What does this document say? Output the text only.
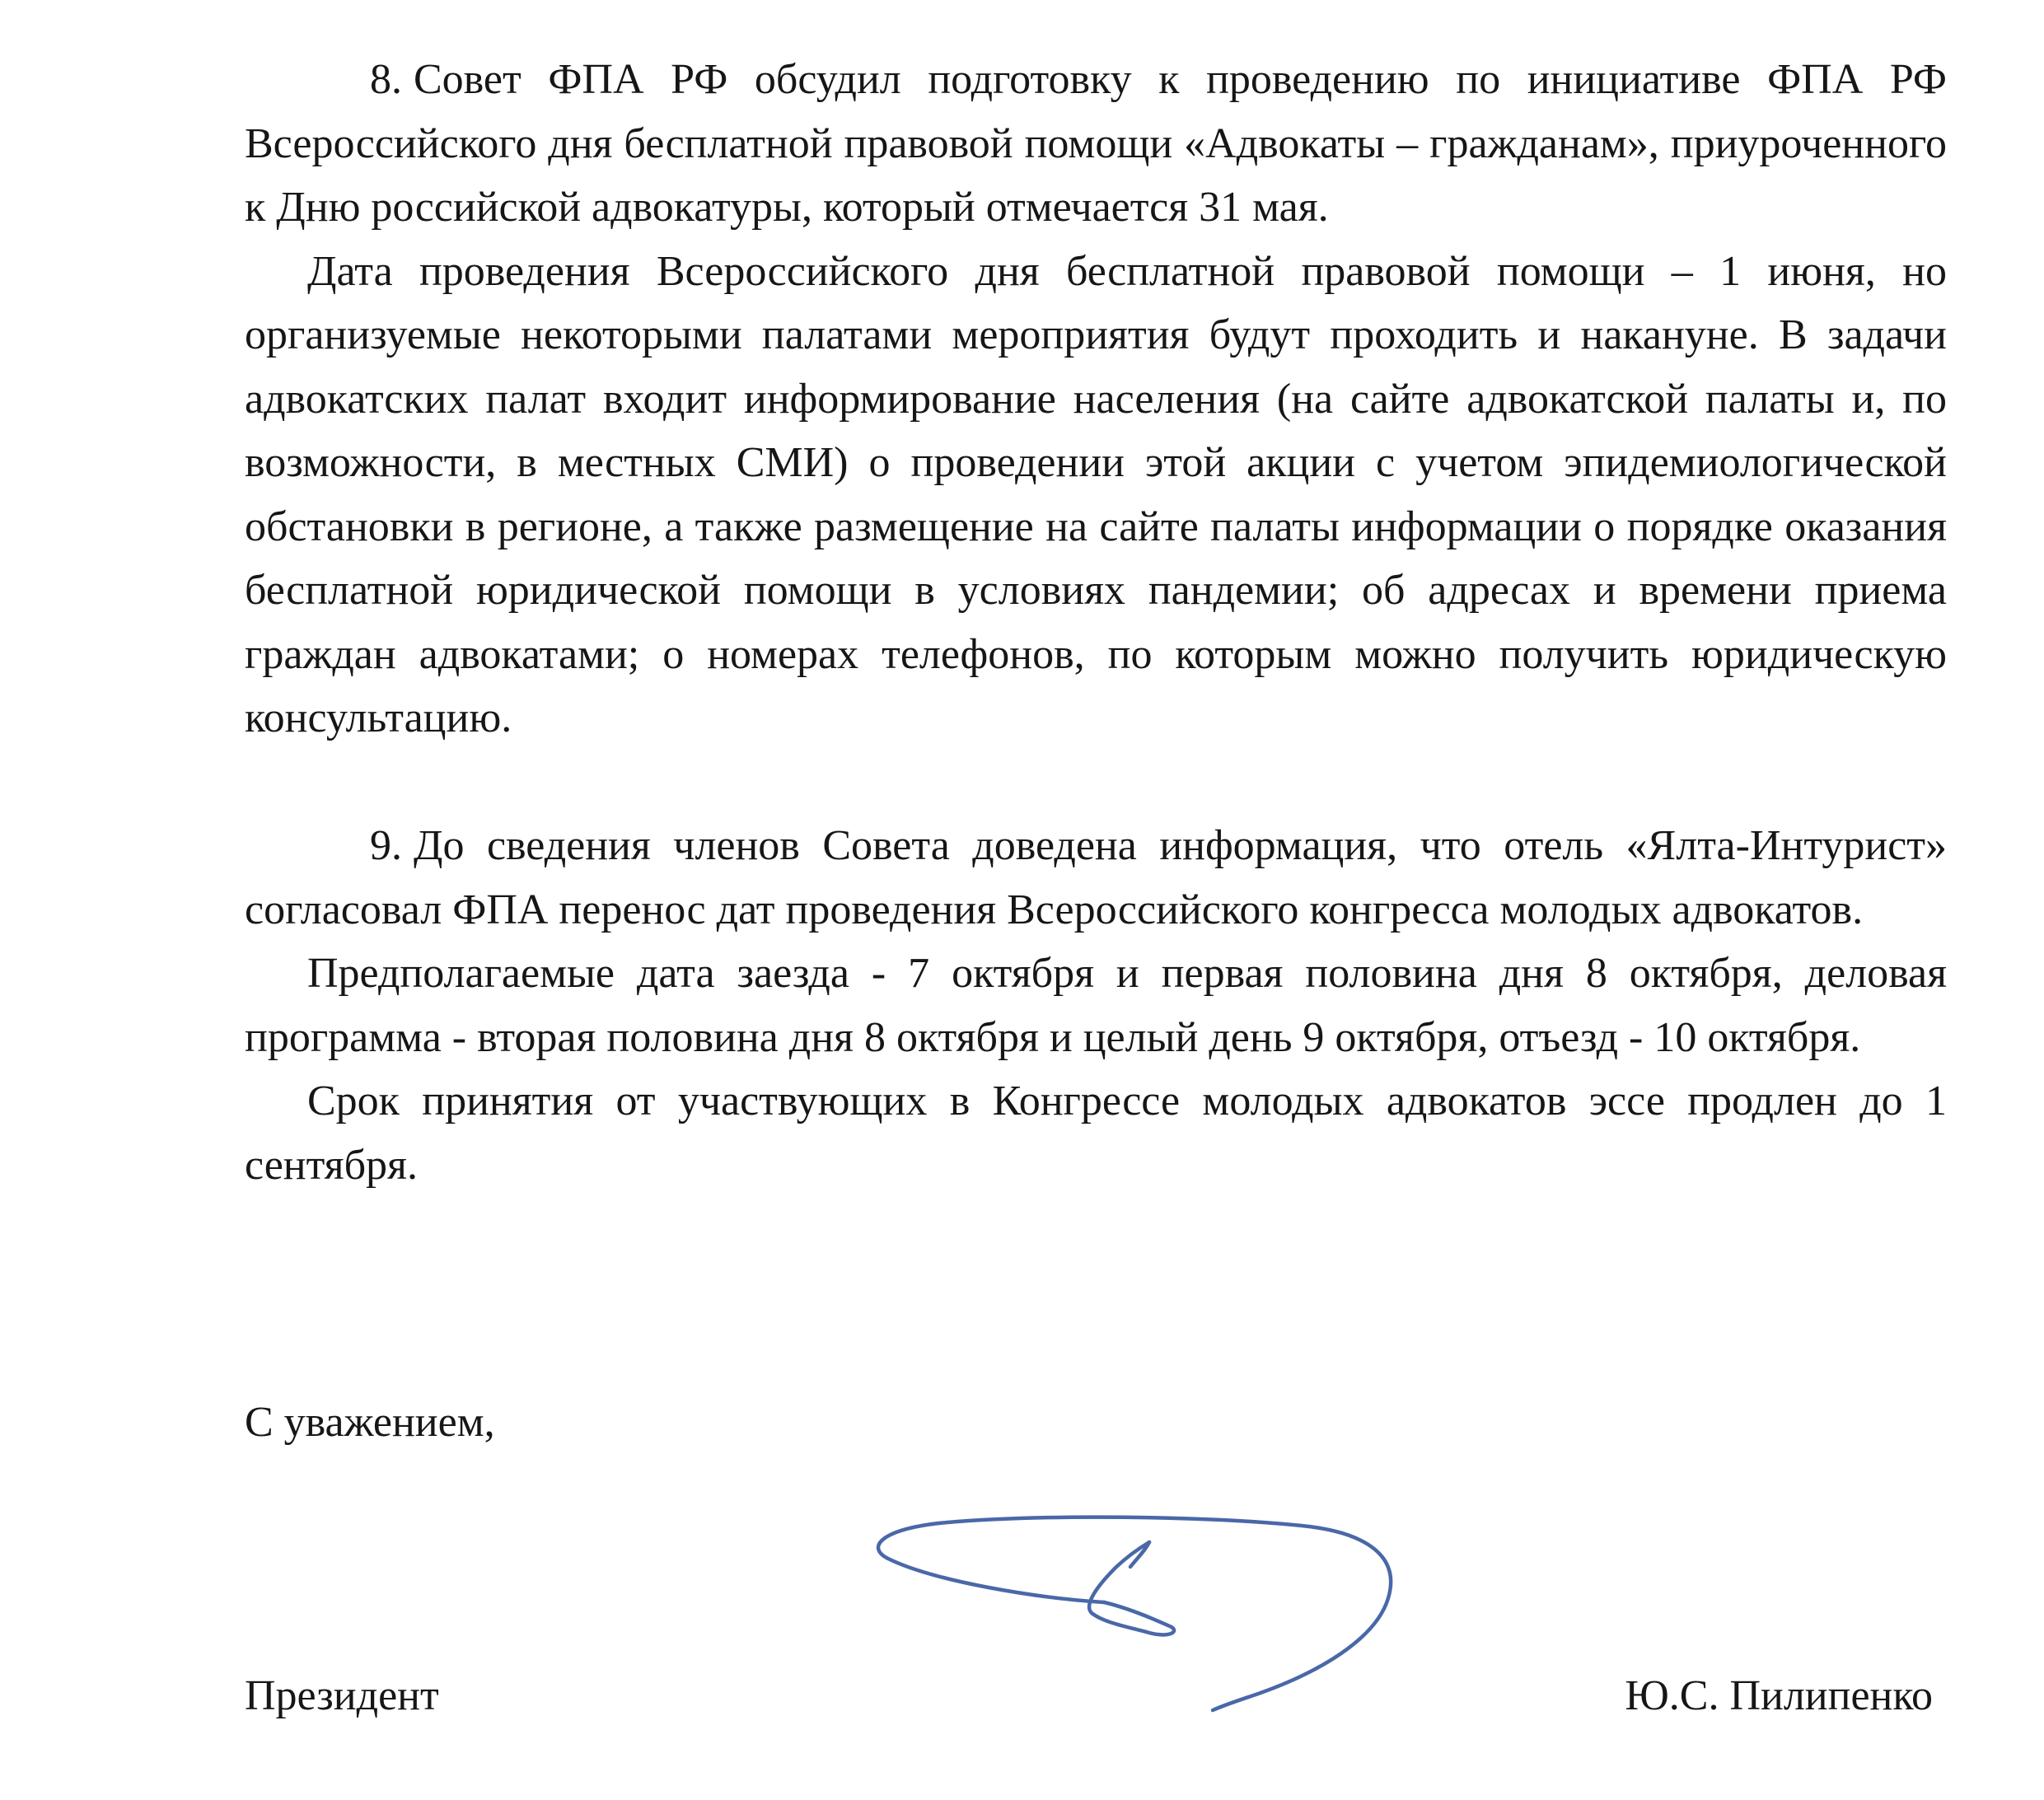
8. Совет ФПА РФ обсудил подготовку к проведению по инициативе ФПА РФ Всероссийского дня бесплатной правовой помощи «Адвокаты – гражданам», приуроченного к Дню российской адвокатуры, который отмечается 31 мая.

Дата проведения Всероссийского дня бесплатной правовой помощи – 1 июня, но организуемые некоторыми палатами мероприятия будут проходить и накануне. В задачи адвокатских палат входит информирование населения (на сайте адвокатской палаты и, по возможности, в местных СМИ) о проведении этой акции с учетом эпидемиологической обстановки в регионе, а также размещение на сайте палаты информации о порядке оказания бесплатной юридической помощи в условиях пандемии; об адресах и времени приема граждан адвокатами; о номерах телефонов, по которым можно получить юридическую консультацию.

9. До сведения членов Совета доведена информация, что отель «Ялта-Интурист» согласовал ФПА перенос дат проведения Всероссийского конгресса молодых адвокатов.

Предполагаемые дата заезда - 7 октября и первая половина дня 8 октября, деловая программа - вторая половина дня 8 октября и целый день 9 октября, отъезд - 10 октября.

Срок принятия от участвующих в Конгрессе молодых адвокатов эссе продлен до 1 сентября.

С уважением,
Президент	Ю.С. Пилипенко
